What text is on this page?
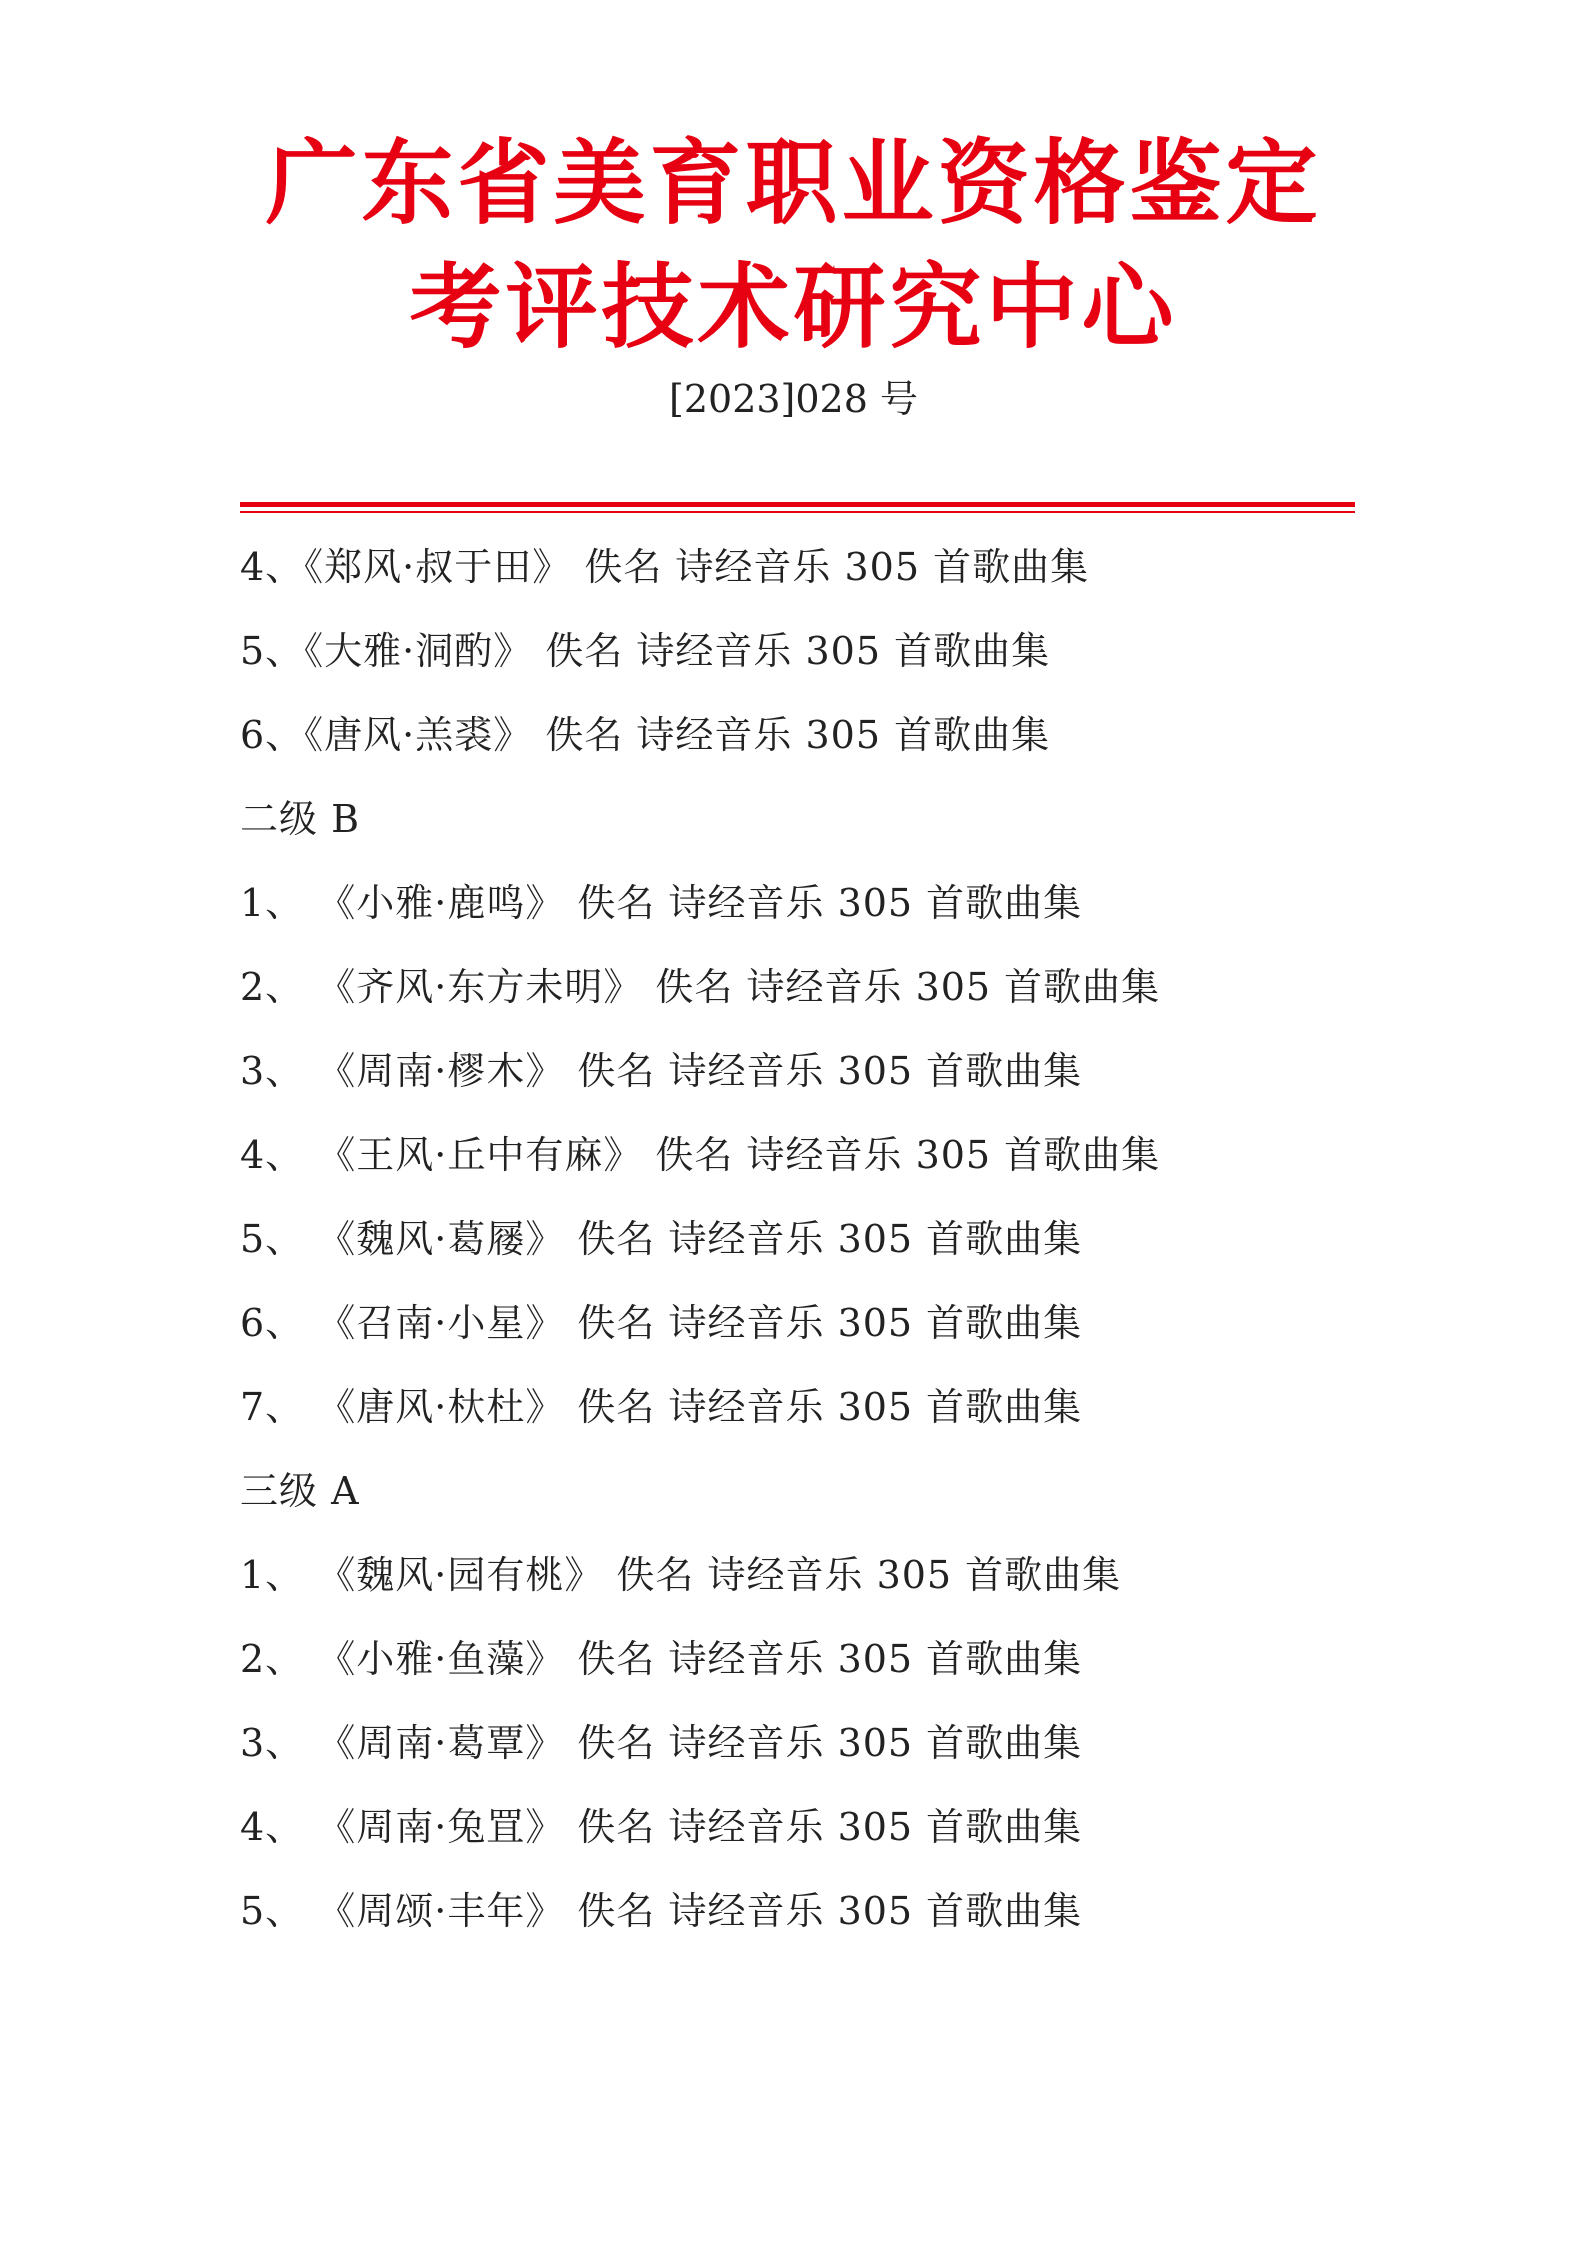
广东省美育职业资格鉴定
考评技术研究中心
[2023]028 号
4、《郑风·叔于田》 佚名 诗经音乐 305 首歌曲集
5、《大雅·洞酌》 佚名 诗经音乐 305 首歌曲集
6、《唐风·羔裘》 佚名 诗经音乐 305 首歌曲集
二级 B
1、 《小雅·鹿鸣》 佚名 诗经音乐 305 首歌曲集
2、 《齐风·东方未明》 佚名 诗经音乐 305 首歌曲集
3、 《周南·樛木》 佚名 诗经音乐 305 首歌曲集
4、 《王风·丘中有麻》 佚名 诗经音乐 305 首歌曲集
5、 《魏风·葛屦》 佚名 诗经音乐 305 首歌曲集
6、 《召南·小星》 佚名 诗经音乐 305 首歌曲集
7、 《唐风·杕杜》 佚名 诗经音乐 305 首歌曲集
三级 A
1、 《魏风·园有桃》 佚名 诗经音乐 305 首歌曲集
2、 《小雅·鱼藻》 佚名 诗经音乐 305 首歌曲集
3、 《周南·葛覃》 佚名 诗经音乐 305 首歌曲集
4、 《周南·兔罝》 佚名 诗经音乐 305 首歌曲集
5、 《周颂·丰年》 佚名 诗经音乐 305 首歌曲集
